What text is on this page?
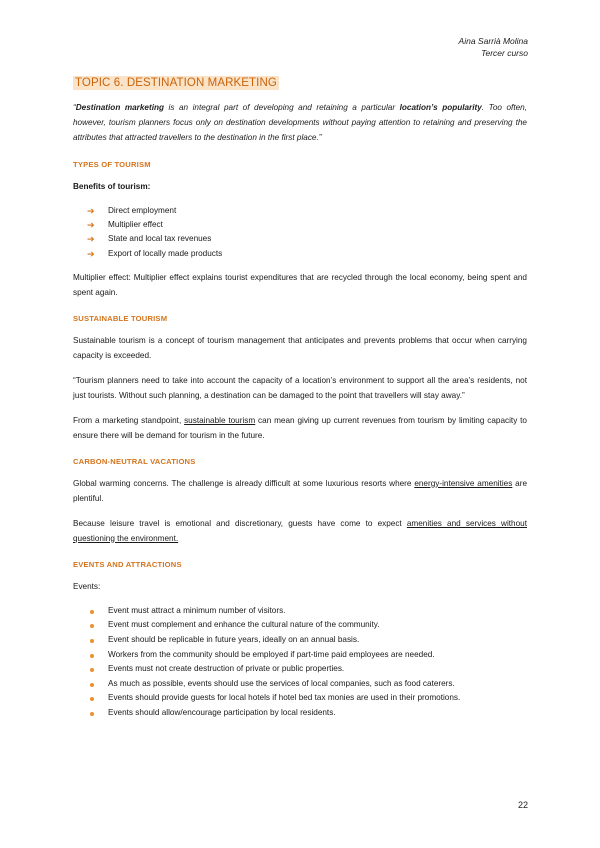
Aina Sarrià Molina
Tercer curso
TOPIC 6. DESTINATION MARKETING
“Destination marketing is an integral part of developing and retaining a particular location’s popularity. Too often, however, tourism planners focus only on destination developments without paying attention to retaining and preserving the attributes that attracted travellers to the destination in the first place.”
TYPES OF TOURISM
Benefits of tourism:
➔ Direct employment
➔ Multiplier effect
➔ State and local tax revenues
➔ Export of locally made products
Multiplier effect: Multiplier effect explains tourist expenditures that are recycled through the local economy, being spent and spent again.
SUSTAINABLE TOURISM
Sustainable tourism is a concept of tourism management that anticipates and prevents problems that occur when carrying capacity is exceeded.
“Tourism planners need to take into account the capacity of a location’s environment to support all the area’s residents, not just tourists. Without such planning, a destination can be damaged to the point that travellers will stay away.”
From a marketing standpoint, sustainable tourism can mean giving up current revenues from tourism by limiting capacity to ensure there will be demand for tourism in the future.
CARBON-NEUTRAL VACATIONS
Global warming concerns. The challenge is already difficult at some luxurious resorts where energy-intensive amenities are plentiful.
Because leisure travel is emotional and discretionary, guests have come to expect amenities and services without questioning the environment.
EVENTS AND ATTRACTIONS
Events:
Event must attract a minimum number of visitors.
Event must complement and enhance the cultural nature of the community.
Event should be replicable in future years, ideally on an annual basis.
Workers from the community should be employed if part-time paid employees are needed.
Events must not create destruction of private or public properties.
As much as possible, events should use the services of local companies, such as food caterers.
Events should provide guests for local hotels if hotel bed tax monies are used in their promotions.
Events should allow/encourage participation by local residents.
22
